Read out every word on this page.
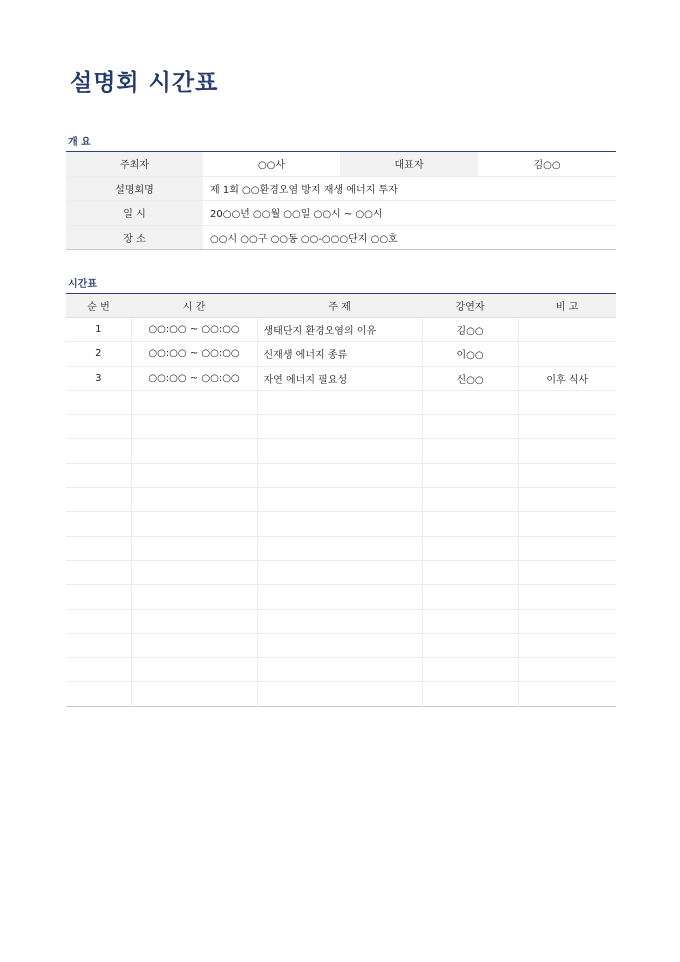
설명회 시간표
개 요
주최자	○○사	대표자	김○○
설명회명	제 1회 ○○환경오염 방지 재생 에너지 투자		
일 시	20○○년 ○○월 ○○일 ○○시 ~ ○○시		
장 소	○○시 ○○구 ○○동 ○○-○○○단지 ○○호		
시간표
순 번	시 간	주 제	강연자	비 고
1	○○:○○ ~ ○○:○○	생태단지 환경오염의 이유	김○○	
2	○○:○○ ~ ○○:○○	신재생 에너지 종류	이○○	
3	○○:○○ ~ ○○:○○	자연 에너지 필요성	신○○	이후 식사
